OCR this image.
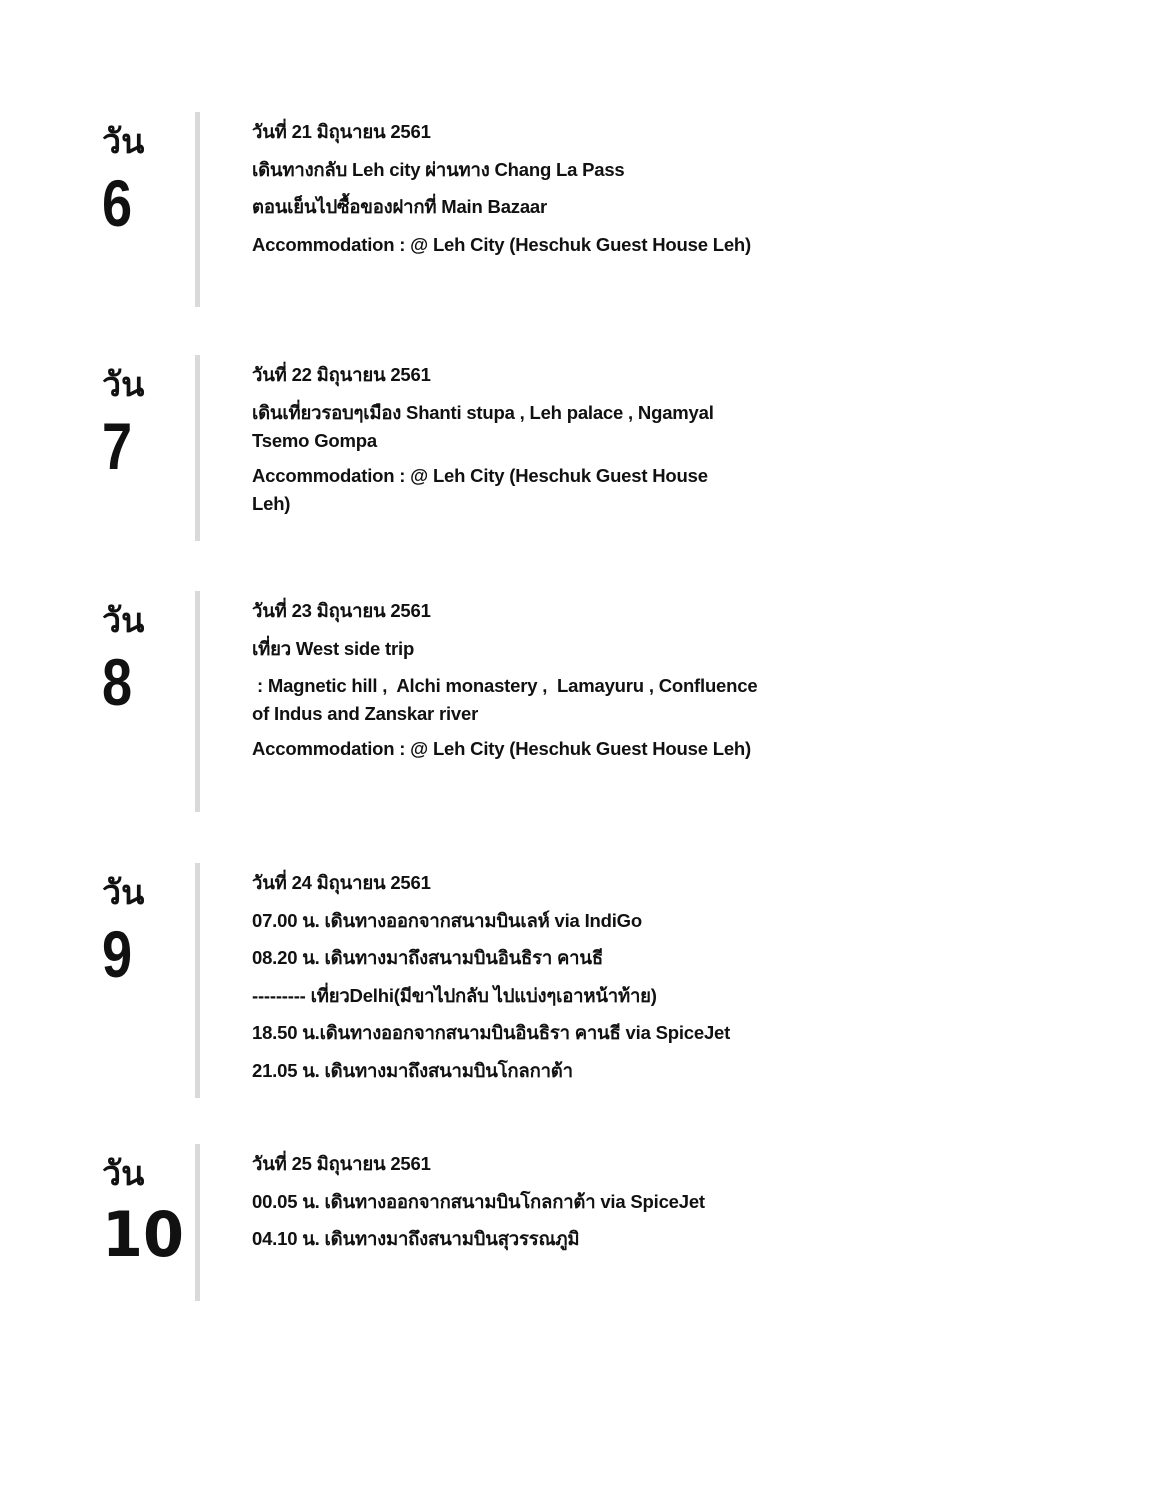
วัน
6
วันที่ 21 มิถุนายน 2561
เดินทางกลับ Leh city ผ่านทาง Chang La Pass
ตอนเย็นไปซื้อของฝากที่ Main Bazaar
Accommodation : @ Leh City (Heschuk Guest House Leh)
วัน
7
วันที่ 22 มิถุนายน 2561
เดินเที่ยวรอบๆเมือง Shanti stupa , Leh palace , Ngamyal Tsemo Gompa
Accommodation : @ Leh City (Heschuk Guest House Leh)
วัน
8
วันที่ 23 มิถุนายน 2561
เที่ยว West side trip
: Magnetic hill ,  Alchi monastery ,  Lamayuru , Confluence of Indus and Zanskar river
Accommodation : @ Leh City (Heschuk Guest House Leh)
วัน
9
วันที่ 24 มิถุนายน 2561
07.00 น. เดินทางออกจากสนามบินเลห์ via IndiGo
08.20 น. เดินทางมาถึงสนามบินอินธิรา คานธี
--------- เที่ยวDelhi(มีขาไปกลับ ไปแบ่งๆเอาหน้าท้าย)
18.50 น.เดินทางออกจากสนามบินอินธิรา คานธี via SpiceJet
21.05 น. เดินทางมาถึงสนามบินโกลกาต้า
วัน
10
วันที่ 25 มิถุนายน 2561
00.05 น. เดินทางออกจากสนามบินโกลกาต้า via SpiceJet
04.10 น. เดินทางมาถึงสนามบินสุวรรณภูมิ
